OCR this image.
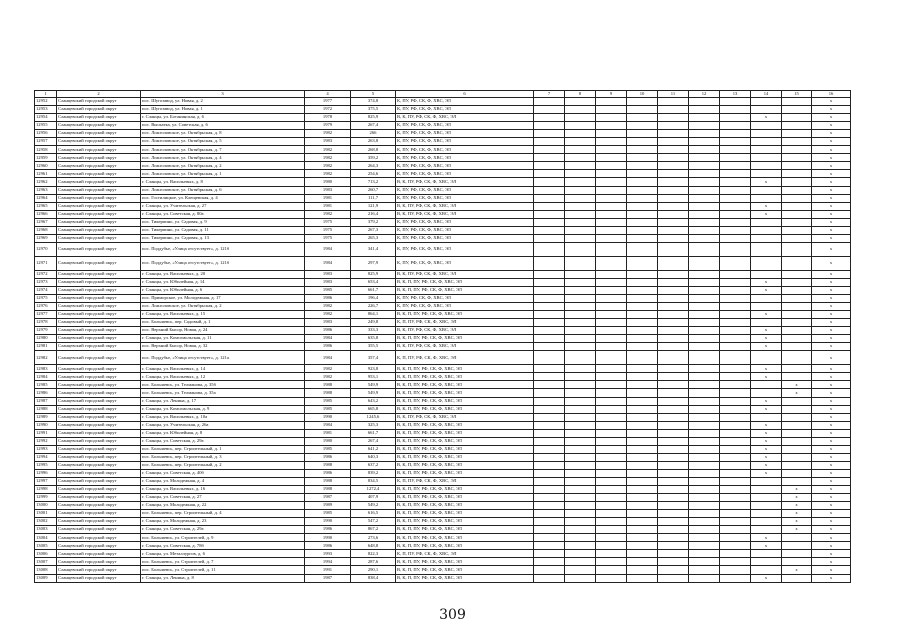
1	2	3	4	5	6	7	8	9	10	11	12	13	14	15	16
12952	Сланцевский городской округ	пос. Шугозавод, ул. Новая, д. 2	1977	374,8	К, ПУ, РФ, СК, Ф, ХВС, ЭЛ										x
12953	Сланцевский городской округ	пос. Шугозавод, ул. Новая, д. 1	1972	375,5	К, ПУ, РФ, СК, Ф, ХВС, ЭЛ										x
12954	Сланцевский городской округ	г. Сланцы, ул. Ботанинская, д. 6	1978	825,9	В, К, ПУ, РФ, СК, Ф, ХВС, ЭЛ								x		x
12955	Сланцевский городской округ	пос. Выскатка, ул. Советская, д. 6	1979	267,4	К, ПУ, РФ, СК, Ф, ХВС, ЭЛ										x
12956	Сланцевский городской округ	пос. Ложголовское, ул. Октябрьская, д. 8	1982	266	К, ПУ, РФ, СК, Ф, ХВС, ЭЛ										x
12957	Сланцевский городской округ	пос. Ложголовское, ул. Октябрьская, д. 5	1983	263,8	К, ПУ, РФ, СК, Ф, ХВС, ЭЛ										x
12958	Сланцевский городской округ	пос. Ложголовское, ул. Октябрьская, д. 7	1982	268,8	К, ПУ, РФ, СК, Ф, ХВС, ЭЛ										x
12959	Сланцевский городской округ	пос. Ложголовское, ул. Октябрьская, д. 4	1982	359,2	К, ПУ, РФ, СК, Ф, ХВС, ЭЛ										x
12960	Сланцевский городской округ	пос. Ложголовское, ул. Октябрьская, д. 2	1982	264,3	К, ПУ, РФ, СК, Ф, ХВС, ЭЛ										x
12961	Сланцевский городской округ	пос. Ложголовское, ул. Октябрьская, д. 1	1982	254,6	К, ПУ, РФ, СК, Ф, ХВС, ЭЛ										x
12962	Сланцевский городской округ	г. Сланцы, ул. Васильевых, д. 8	1980	713,2	В, К, ПУ, РФ, СК, Ф, ХВС, ЭЛ								x		x
12963	Сланцевский городской округ	пос. Ложголовское, ул. Октябрьская, д. 6	1983	260,7	К, ПУ, РФ, СК, Ф, ХВС, ЭЛ										x
12964	Сланцевский городской округ	пос. Гостилицкое, ул. Клещевская, д. 4	1981	111,7	К, ПУ, РФ, СК, Ф, ХВС, ЭЛ										x
12965	Сланцевский городской округ	г. Сланцы, ул. Учительская, д. 27	1981	121,9	В, К, ПУ, РФ, СК, Ф, ХВС, ЭЛ								x		x
12966	Сланцевский городской округ	г. Сланцы, ул. Советская, д. 80а	1982	216,4	В, К, ПУ, РФ, СК, Ф, ХВС, ЭЛ								x		x
12967	Сланцевский городской округ	пос. Тикерпино, ул. Садовая, д. 9	1975	379,2	К, ПУ, РФ, СК, Ф, ХВС, ЭЛ										x
12968	Сланцевский городской округ	пос. Тикерпино, ул. Садовая, д. 11	1975	267,3	К, ПУ, РФ, СК, Ф, ХВС, ЭЛ										x
12969	Сланцевский городской округ	пос. Тикерпино, ул. Садовая, д. 13	1975	265,3	К, ПУ, РФ, СК, Ф, ХВС, ЭЛ										x
12970	Сланцевский городской округ	пос. Поддубье, «Улица отсутствует», д. 121б	1984	341,4	К, ПУ, РФ, СК, Ф, ХВС, ЭЛ										x
12971	Сланцевский городской округ	пос. Поддубье, «Улица отсутствует», д. 121б	1984	297,9	К, ПУ, РФ, СК, Ф, ХВС, ЭЛ										x
12972	Сланцевский городской округ	г. Сланцы, ул. Васильевых, д. 20	1983	825,9	В, К, ПУ, РФ, СК, Ф, ХВС, ЭЛ										x
12973	Сланцевский городской округ	г. Сланцы, ул. Юбилейная, д. 14	1983	653,4	В, К, П, ПУ, РФ, СК, Ф, ХВС, ЭЛ								x		x
12974	Сланцевский городской округ	г. Сланцы, ул. Юбилейная, д. 6	1985	661,7	В, К, П, ПУ, РФ, СК, Ф, ХВС, ЭЛ								x		x
12975	Сланцевский городской округ	пос. Приморское, ул. Молодежная, д. 17	1986	196,4	К, ПУ, РФ, СК, Ф, ХВС, ЭЛ										x
12976	Сланцевский городской округ	пос. Ложголовское, ул. Октябрьская, д. 2	1982	226,7	К, ПУ, РФ, СК, Ф, ХВС, ЭЛ										x
12977	Сланцевский городской округ	г. Сланцы, ул. Васильевых, д. 15	1982	864,1	В, К, П, ПУ, РФ, СК, Ф, ХВС, ЭЛ								x		x
12978	Сланцевский городской округ	пос. Большевсь, пер. Садовый, д. 1	1983	249,8	К, П, ПУ, РФ, СК, Ф, ХВС, ЭЛ										x
12979	Сланцевский городской округ	пос. Верхний Бысор, Новая, д. 24	1986	333,3	В, К, ПУ, РФ, СК, Ф, ХВС, ЭЛ								x		x
12980	Сланцевский городской округ	г. Сланцы, ул. Комсомольская, д. 11	1984	635,8	В, К, П, ПУ, РФ, СК, Ф, ХВС, ЭЛ								x		x
12981	Сланцевский городской округ	пос. Верхний Бысор, Новая, д. 32	1986	355,5	В, К, ПУ, РФ, СК, Ф, ХВС, ЭЛ								x		x
12982	Сланцевский городской округ	пос. Поддубье, «Улица отсутствует», д. 121а	1984	357,4	К, П, ПУ, РФ, СК, Ф, ХВС, ЭЛ										x
12983	Сланцевский городской округ	г. Сланцы, ул. Васильевых, д. 14	1982	923,8	В, К, П, ПУ, РФ, СК, Ф, ХВС, ЭЛ								x		x
12984	Сланцевский городской округ	г. Сланцы, ул. Васильевых, д. 12	1982	953,1	В, К, П, ПУ, РФ, СК, Ф, ХВС, ЭЛ								x		x
12985	Сланцевский городской округ	пос. Большевсь, ул. Телманова, д. 35б	1988	549,9	В, К, П, ПУ, РФ, СК, Ф, ХВС, ЭЛ									x	x
12986	Сланцевский городской округ	пос. Большевсь, ул. Телманова, д. 35а	1988	549,9	В, К, П, ПУ, РФ, СК, Ф, ХВС, ЭЛ									x	x
12987	Сланцевский городской округ	г. Сланцы, ул. Ленина, д. 17	1985	643,2	В, К, П, ПУ, РФ, СК, Ф, ХВС, ЭЛ								x		x
12988	Сланцевский городской округ	г. Сланцы, ул. Комсомольская, д. 9	1985	665,8	В, К, П, ПУ, РФ, СК, Ф, ХВС, ЭЛ								x		x
12989	Сланцевский городской округ	г. Сланцы, ул. Васильевых, д. 10а	1990	1245,6	В, К, ПУ, РФ, СК, Ф, ХВС, ЭЛ										x
12990	Сланцевский городской округ	г. Сланцы, ул. Учительская, д. 26а	1984	325,3	В, К, П, ПУ, РФ, СК, Ф, ХВС, ЭЛ								x		x
12991	Сланцевский городской округ	г. Сланцы, ул. Юбилейная, д. 8	1981	661,7	В, К, П, ПУ, РФ, СК, Ф, ХВС, ЭЛ								x		x
12992	Сланцевский городской округ	г. Сланцы, ул. Советская, д. 29а	1980	267,4	В, К, П, ПУ, РФ, СК, Ф, ХВС, ЭЛ								x		x
12993	Сланцевский городской округ	пос. Большевсь, пер. Строительный, д. 1	1985	641,2	В, К, П, ПУ, РФ, СК, Ф, ХВС, ЭЛ								x		x
12994	Сланцевский городской округ	пос. Большевсь, пер. Строительный, д. 3	1986	640,3	В, К, П, ПУ, РФ, СК, Ф, ХВС, ЭЛ								x		x
12995	Сланцевский городской округ	пос. Большевсь, пер. Строительный, д. 2	1988	637,2	В, К, П, ПУ, РФ, СК, Ф, ХВС, ЭЛ								x		x
12996	Сланцевский городской округ	г. Сланцы, ул. Советская, д. 40б	1986	839,2	В, К, П, ПУ, РФ, СК, Ф, ХВС, ЭЛ								x		x
12997	Сланцевский городской округ	г. Сланцы, ул. Молодежная, д. 4	1988	834,5	К, П, ПУ, РФ, СК, Ф, ХВС, ЭЛ										x
12998	Сланцевский городской округ	г. Сланцы, ул. Васильевых, д. 16	1988	1272,4	В, К, П, ПУ, РФ, СК, Ф, ХВС, ЭЛ									x	x
12999	Сланцевский городской округ	г. Сланцы, ул. Советская, д. 27	1987	407,9	В, К, П, ПУ, РФ, СК, Ф, ХВС, ЭЛ									x	x
13000	Сланцевский городской округ	г. Сланцы, ул. Молодежная, д. 22	1989	549,2	В, К, П, ПУ, РФ, СК, Ф, ХВС, ЭЛ									x	x
13001	Сланцевский городской округ	пос. Большевсь, пер. Строительный, д. 4	1985	616,5	В, К, П, ПУ, РФ, СК, Ф, ХВС, ЭЛ									x	x
13002	Сланцевский городской округ	г. Сланцы, ул. Молодежная, д. 23	1990	547,2	В, К, П, ПУ, РФ, СК, Ф, ХВС, ЭЛ									x	x
13003	Сланцевский городской округ	г. Сланцы, ул. Советская, д. 29а	1986	867,2	В, К, П, ПУ, РФ, СК, Ф, ХВС, ЭЛ									x	x
13004	Сланцевский городской округ	пос. Большевсь, ул. Строителей, д. 9	1990	273,6	В, К, П, ПУ, РФ, СК, Ф, ХВС, ЭЛ								x		x
13005	Сланцевский городской округ	г. Сланцы, ул. Советская, д. 78б	1986	648,8	В, К, П, ПУ, РФ, СК, Ф, ХВС, ЭЛ								x		x
13006	Сланцевский городской округ	г. Сланцы, ул. Металлургов, д. 6	1993	822,3	К, П, ПУ, РФ, СК, Ф, ХВС, ЭЛ										x
13007	Сланцевский городской округ	пос. Большевсь, ул. Строителей, д. 7	1994	287,6	В, К, П, ПУ, РФ, СК, Ф, ХВС, ЭЛ										x
13008	Сланцевский городской округ	пос. Большевсь, ул. Строителей, д. 11	1991	290,1	В, К, П, ПУ, РФ, СК, Ф, ХВС, ЭЛ									x	x
13009	Сланцевский городской округ	г. Сланцы, ул. Ленина, д. 8	1987	838,4	В, К, П, ПУ, РФ, СК, Ф, ХВС, ЭЛ								x		x
309
